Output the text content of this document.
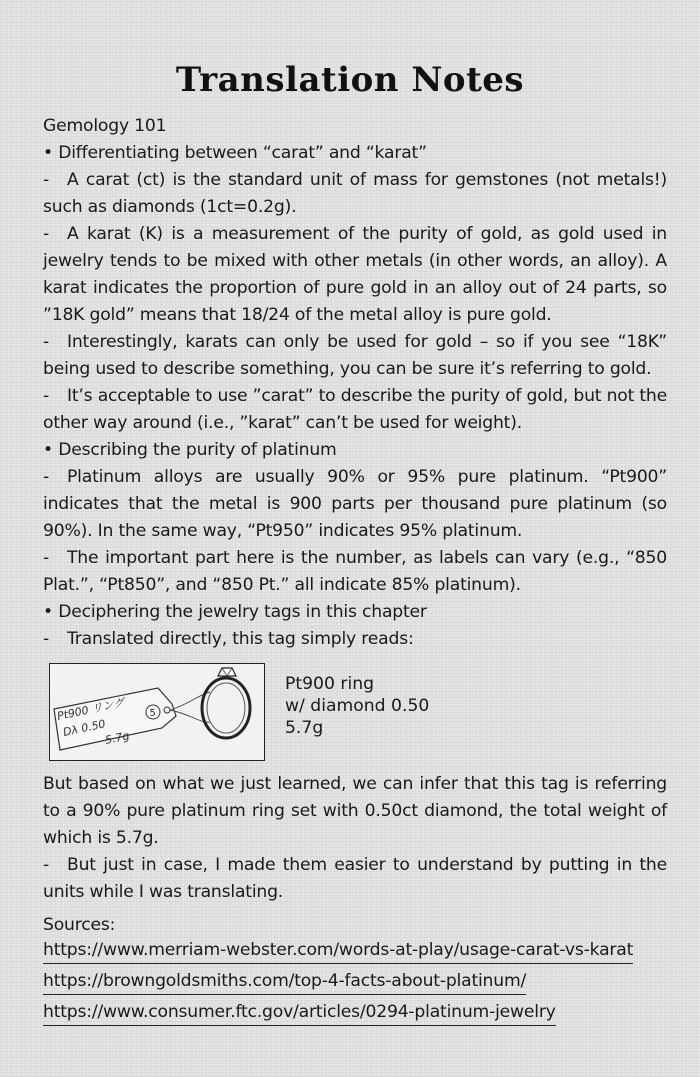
Translation Notes

Gemology 101

• Differentiating between “carat” and “karat”

- A carat (ct) is the standard unit of mass for gemstones (not metals!) such as diamonds (1ct=0.2g).

- A karat (K) is a measurement of the purity of gold, as gold used in jewelry tends to be mixed with other metals (in other words, an alloy). A karat indicates the proportion of pure gold in an alloy out of 24 parts, so ”18K gold” means that 18/24 of the metal alloy is pure gold.

- Interestingly, karats can only be used for gold – so if you see “18K” being used to describe something, you can be sure it’s referring to gold.

- It’s acceptable to use ”carat” to describe the purity of gold, but not the other way around (i.e., ”karat” can’t be used for weight).

• Describing the purity of platinum

- Platinum alloys are usually 90% or 95% pure platinum. “Pt900” indicates that the metal is 900 parts per thousand pure platinum (so 90%). In the same way, “Pt950” indicates 95% platinum.

- The important part here is the number, as labels can vary (e.g., “850 Plat.”, “Pt850”, and “850 Pt.” all indicate 85% platinum).

• Deciphering the jewelry tags in this chapter

- Translated directly, this tag simply reads:

Pt900 リング
Dλ 0.50
5.7g
5
Pt900 ring
w/ diamond 0.50
5.7g

But based on what we just learned, we can infer that this tag is referring to a 90% pure platinum ring set with 0.50ct diamond, the total weight of which is 5.7g.

- But just in case, I made them easier to understand by putting in the units while I was translating.

Sources:

https://www.merriam-webster.com/words-at-play/usage-carat-vs-karat
https://browngoldsmiths.com/top-4-facts-about-platinum/
https://www.consumer.ftc.gov/articles/0294-platinum-jewelry
